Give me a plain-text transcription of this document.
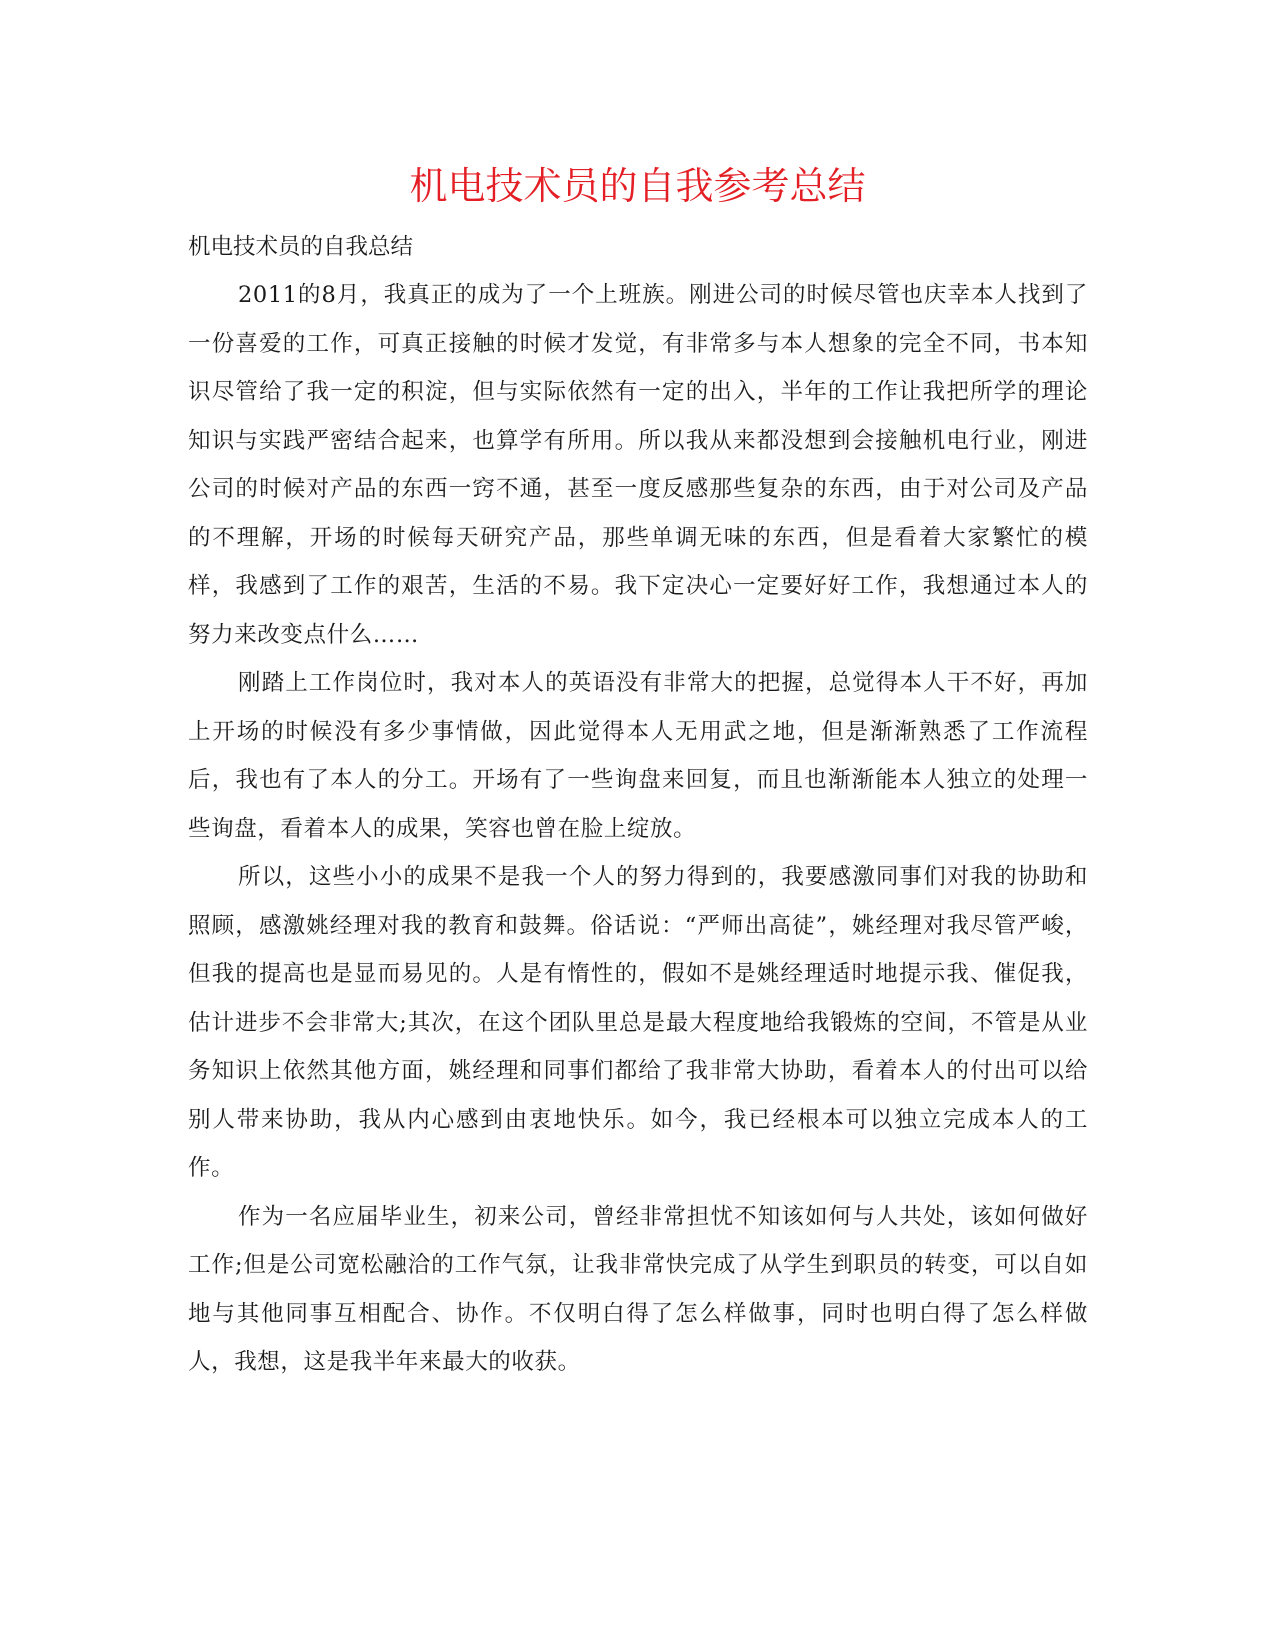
机电技术员的自我参考总结

机电技术员的自我总结

2011的8月，我真正的成为了一个上班族。刚进公司的时候尽管也庆幸本人找到了一份喜爱的工作，可真正接触的时候才发觉，有非常多与本人想象的完全不同，书本知识尽管给了我一定的积淀，但与实际依然有一定的出入，半年的工作让我把所学的理论知识与实践严密结合起来，也算学有所用。所以我从来都没想到会接触机电行业，刚进公司的时候对产品的东西一窍不通，甚至一度反感那些复杂的东西，由于对公司及产品的不理解，开场的时候每天研究产品，那些单调无味的东西，但是看着大家繁忙的模样，我感到了工作的艰苦，生活的不易。我下定决心一定要好好工作，我想通过本人的努力来改变点什么……

刚踏上工作岗位时，我对本人的英语没有非常大的把握，总觉得本人干不好，再加上开场的时候没有多少事情做，因此觉得本人无用武之地，但是渐渐熟悉了工作流程后，我也有了本人的分工。开场有了一些询盘来回复，而且也渐渐能本人独立的处理一些询盘，看着本人的成果，笑容也曾在脸上绽放。

所以，这些小小的成果不是我一个人的努力得到的，我要感激同事们对我的协助和照顾，感激姚经理对我的教育和鼓舞。俗话说：“严师出高徒”，姚经理对我尽管严峻，但我的提高也是显而易见的。人是有惰性的，假如不是姚经理适时地提示我、催促我，估计进步不会非常大;其次，在这个团队里总是最大程度地给我锻炼的空间，不管是从业务知识上依然其他方面，姚经理和同事们都给了我非常大协助，看着本人的付出可以给别人带来协助，我从内心感到由衷地快乐。如今，我已经根本可以独立完成本人的工作。

作为一名应届毕业生，初来公司，曾经非常担忧不知该如何与人共处，该如何做好工作;但是公司宽松融洽的工作气氛，让我非常快完成了从学生到职员的转变，可以自如地与其他同事互相配合、协作。不仅明白得了怎么样做事，同时也明白得了怎么样做人，我想，这是我半年来最大的收获。
